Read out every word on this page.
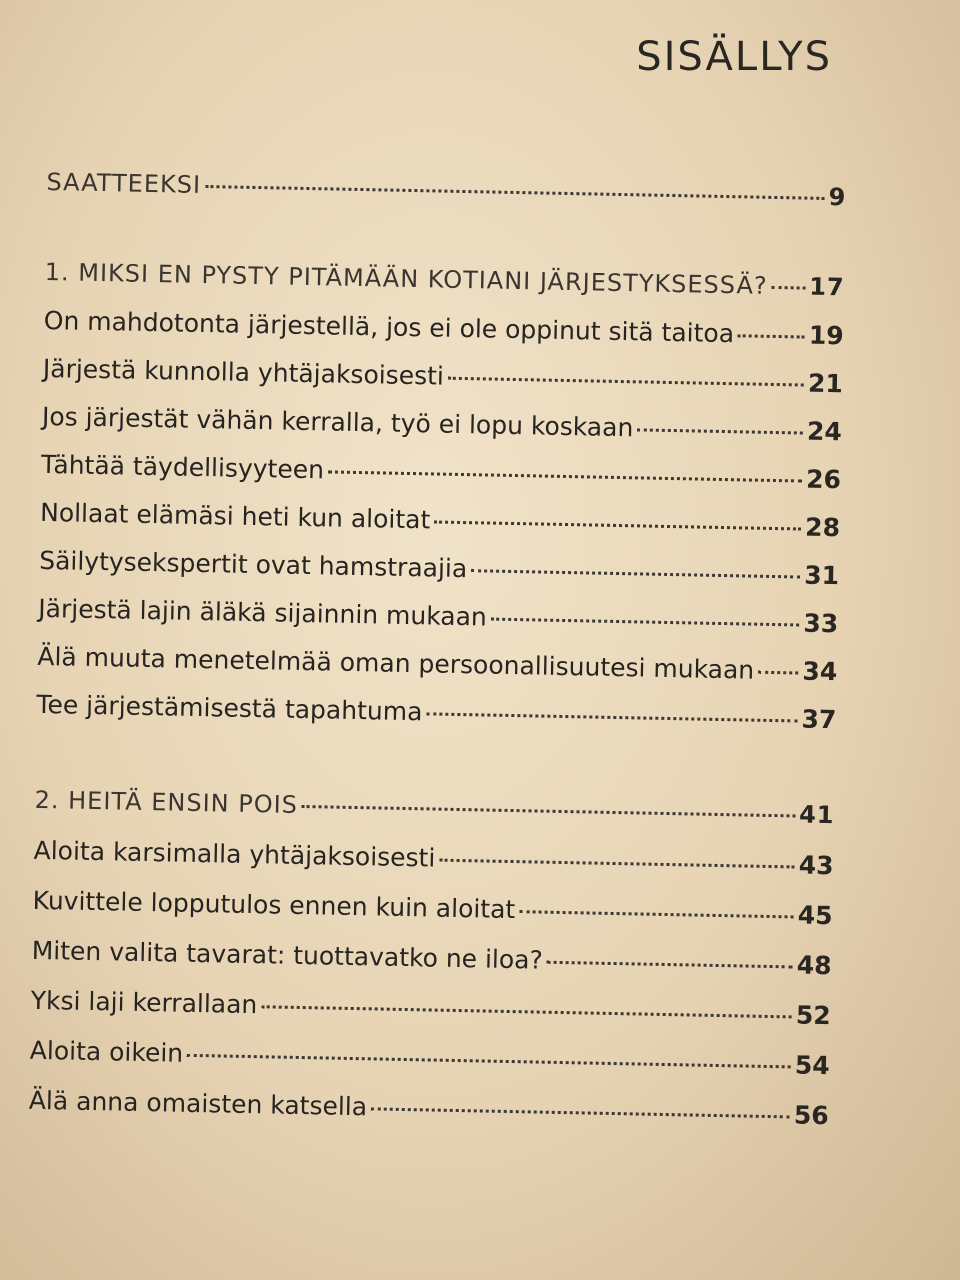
SISÄLLYS
SAATTEEKSI	9
1. MIKSI EN PYSTY PITÄMÄÄN KOTIANI JÄRJESTYKSESSÄ? 17
On mahdotonta järjestellä, jos ei ole oppinut sitä taitoa	19
Järjestä kunnolla yhtäjaksoisesti	21
Jos järjestät vähän kerralla, työ ei lopu koskaan	24
Tähtää täydellisyyteen	26
Nollaat elämäsi heti kun aloitat	28
Säilytysekspertit ovat hamstraajia	31
Järjestä lajin äläkä sijainnin mukaan	33
Älä muuta menetelmää oman persoonallisuutesi mukaan 34
Tee järjestämisestä tapahtuma	37
2. HEITÄ ENSIN POIS	41
Aloita karsimalla yhtäjaksoisesti	43
Kuvittele lopputulos ennen kuin aloitat	45
Miten valita tavarat: tuottavatko ne iloa?	48
Yksi laji kerrallaan	52
Aloita oikein	54
Älä anna omaisten katsella	56
